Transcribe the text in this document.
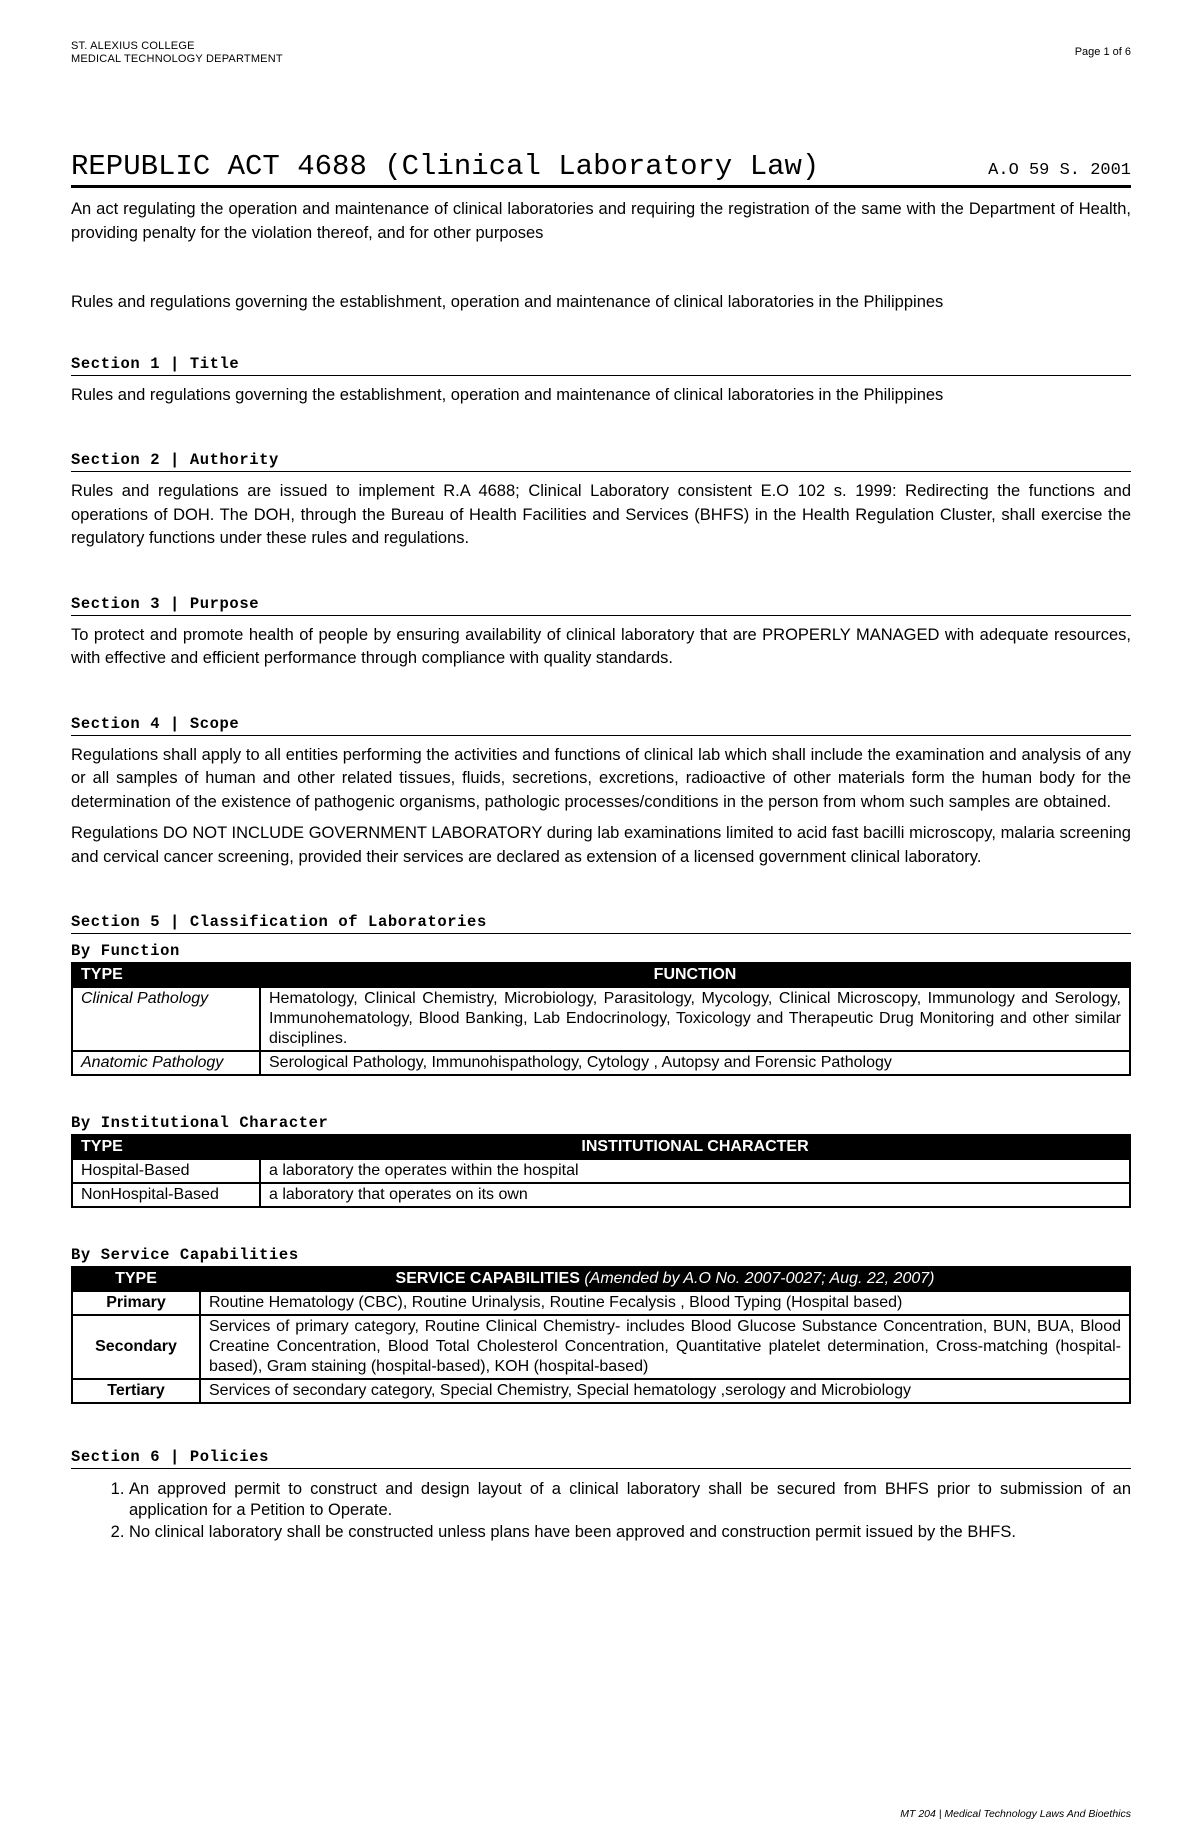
ST. ALEXIUS COLLEGE
MEDICAL TECHNOLOGY DEPARTMENT
Page 1 of 6
REPUBLIC ACT 4688 (Clinical Laboratory Law)	A.O 59 S. 2001

An act regulating the operation and maintenance of clinical laboratories and requiring the registration of the same with the Department of Health, providing penalty for the violation thereof, and for other purposes

Rules and regulations governing the establishment, operation and maintenance of clinical laboratories in the Philippines

Section 1 | Title

Rules and regulations governing the establishment, operation and maintenance of clinical laboratories in the Philippines

Section 2 | Authority

Rules and regulations are issued to implement R.A 4688; Clinical Laboratory consistent E.O 102 s. 1999: Redirecting the functions and operations of DOH. The DOH, through the Bureau of Health Facilities and Services (BHFS) in the Health Regulation Cluster, shall exercise the regulatory functions under these rules and regulations.

Section 3 | Purpose

To protect and promote health of people by ensuring availability of clinical laboratory that are PROPERLY MANAGED with adequate resources, with effective and efficient performance through compliance with quality standards.

Section 4 | Scope

Regulations shall apply to all entities performing the activities and functions of clinical lab which shall include the examination and analysis of any or all samples of human and other related tissues, fluids, secretions, excretions, radioactive of other materials form the human body for the determination of the existence of pathogenic organisms, pathologic processes/conditions in the person from whom such samples are obtained.

Regulations DO NOT INCLUDE GOVERNMENT LABORATORY during lab examinations limited to acid fast bacilli microscopy, malaria screening and cervical cancer screening, provided their services are declared as extension of a licensed government clinical laboratory.

Section 5 | Classification of Laboratories
By Function
TYPE	FUNCTION
Clinical Pathology	Hematology, Clinical Chemistry, Microbiology, Parasitology, Mycology, Clinical Microscopy, Immunology and Serology, Immunohematology, Blood Banking, Lab Endocrinology, Toxicology and Therapeutic Drug Monitoring and other similar disciplines.
Anatomic Pathology	Serological Pathology, Immunohispathology, Cytology , Autopsy and Forensic Pathology
By Institutional Character
TYPE	INSTITUTIONAL CHARACTER
Hospital-Based	a laboratory the operates within the hospital
NonHospital-Based	a laboratory that operates on its own
By Service Capabilities
TYPE	SERVICE CAPABILITIES (Amended by A.O No. 2007-0027; Aug. 22, 2007)
Primary	Routine Hematology (CBC), Routine Urinalysis, Routine Fecalysis , Blood Typing (Hospital based)
Secondary	Services of primary category, Routine Clinical Chemistry- includes Blood Glucose Substance Concentration, BUN, BUA, Blood Creatine Concentration, Blood Total Cholesterol Concentration, Quantitative platelet determination, Cross-matching (hospital-based), Gram staining (hospital-based), KOH (hospital-based)
Tertiary	Services of secondary category, Special Chemistry, Special hematology ,serology and Microbiology
Section 6 | Policies
1. An approved permit to construct and design layout of a clinical laboratory shall be secured from BHFS prior to submission of an application for a Petition to Operate.
2. No clinical laboratory shall be constructed unless plans have been approved and construction permit issued by the BHFS.
MT 204 | Medical Technology Laws And Bioethics
